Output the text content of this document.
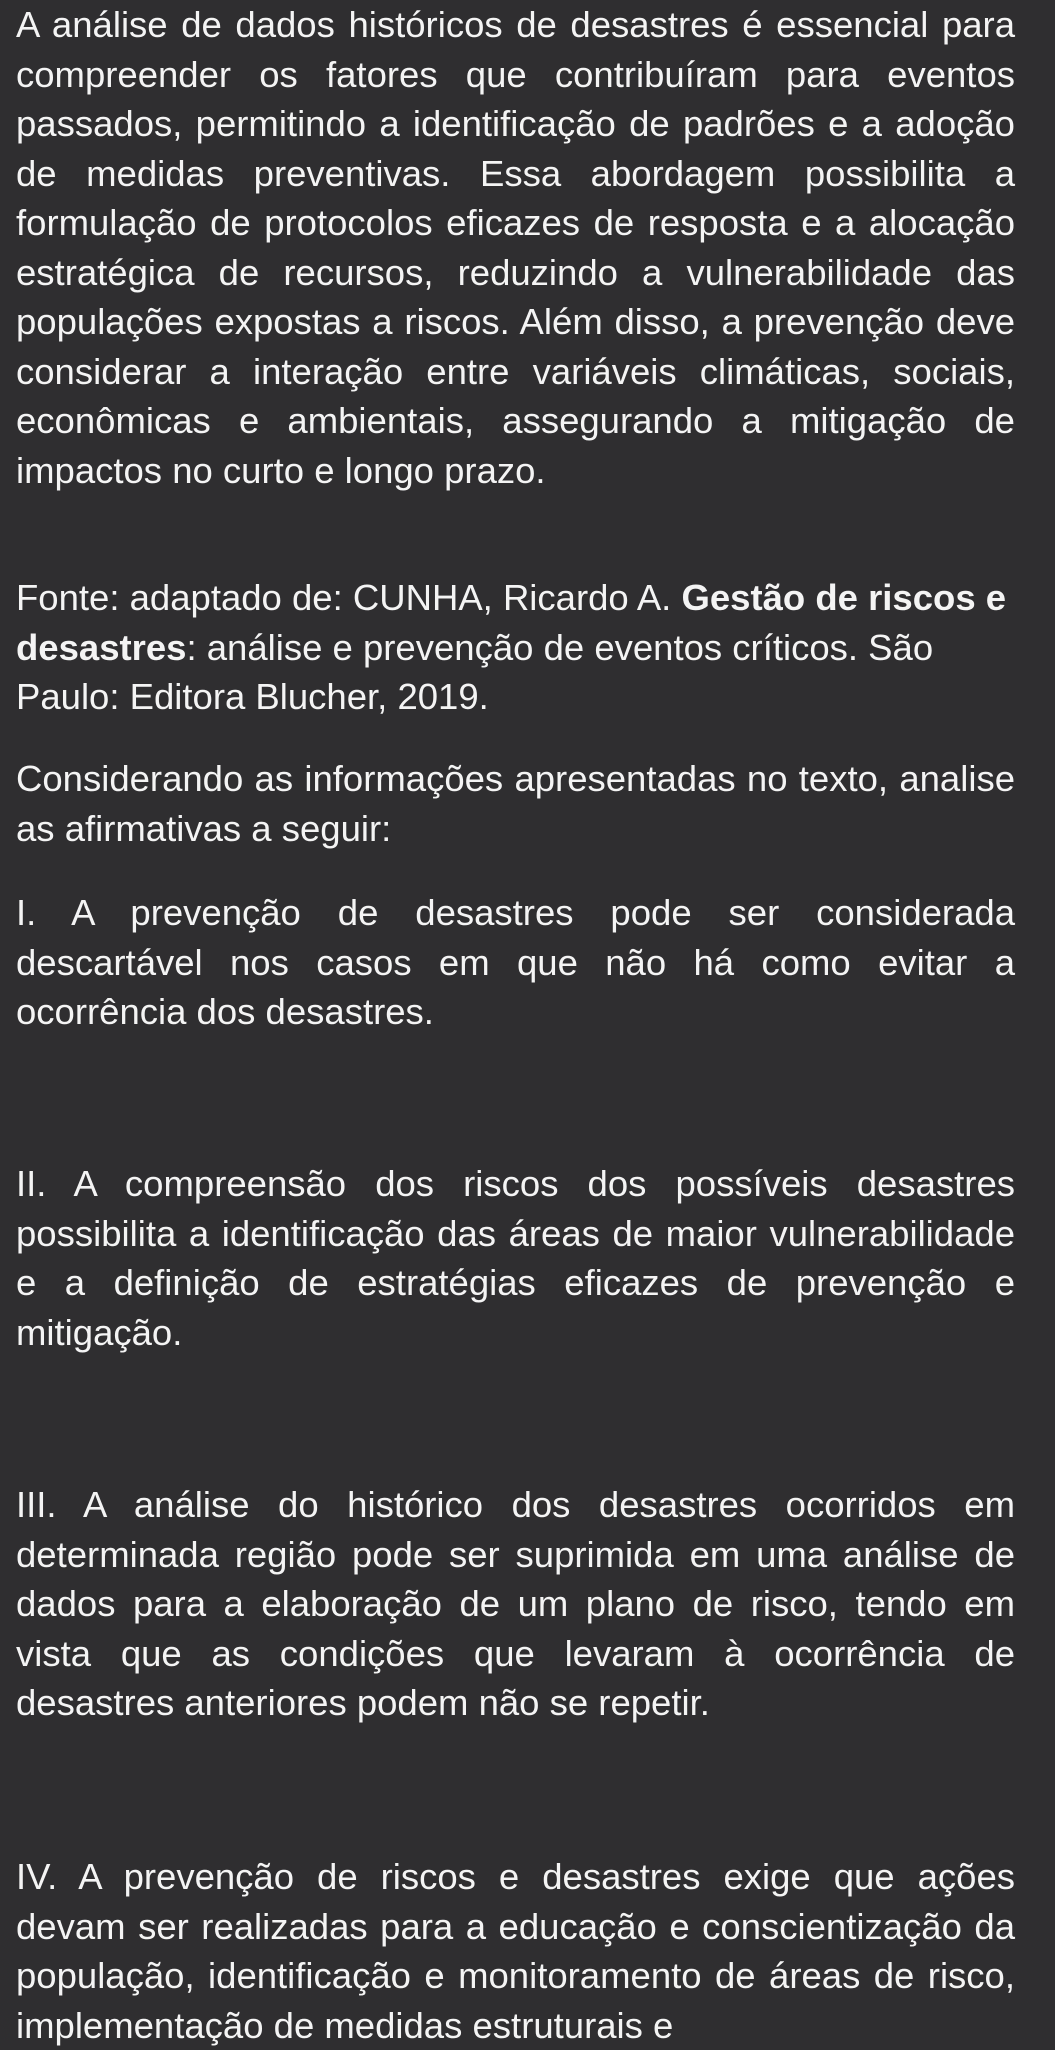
A análise de dados históricos de desastres é essencial para compreender os fatores que contribuíram para eventos passados, permitindo a identificação de padrões e a adoção de medidas preventivas. Essa abordagem possibilita a formulação de protocolos eficazes de resposta e a alocação estratégica de recursos, reduzindo a vulnerabilidade das populações expostas a riscos. Além disso, a prevenção deve considerar a interação entre variáveis climáticas, sociais, econômicas e ambientais, assegurando a mitigação de impactos no curto e longo prazo.

Fonte: adaptado de: CUNHA, Ricardo A. Gestão de riscos e desastres: análise e prevenção de eventos críticos. São Paulo: Editora Blucher, 2019.

Considerando as informações apresentadas no texto, analise as afirmativas a seguir:

I. A prevenção de desastres pode ser considerada descartável nos casos em que não há como evitar a ocorrência dos desastres.

II. A compreensão dos riscos dos possíveis desastres possibilita a identificação das áreas de maior vulnerabilidade e a definição de estratégias eficazes de prevenção e mitigação.

III. A análise do histórico dos desastres ocorridos em determinada região pode ser suprimida em uma análise de dados para a elaboração de um plano de risco, tendo em vista que as condições que levaram à ocorrência de desastres anteriores podem não se repetir.

IV. A prevenção de riscos e desastres exige que ações devam ser realizadas para a educação e conscientização da população, identificação e monitoramento de áreas de risco, implementação de medidas estruturais e
